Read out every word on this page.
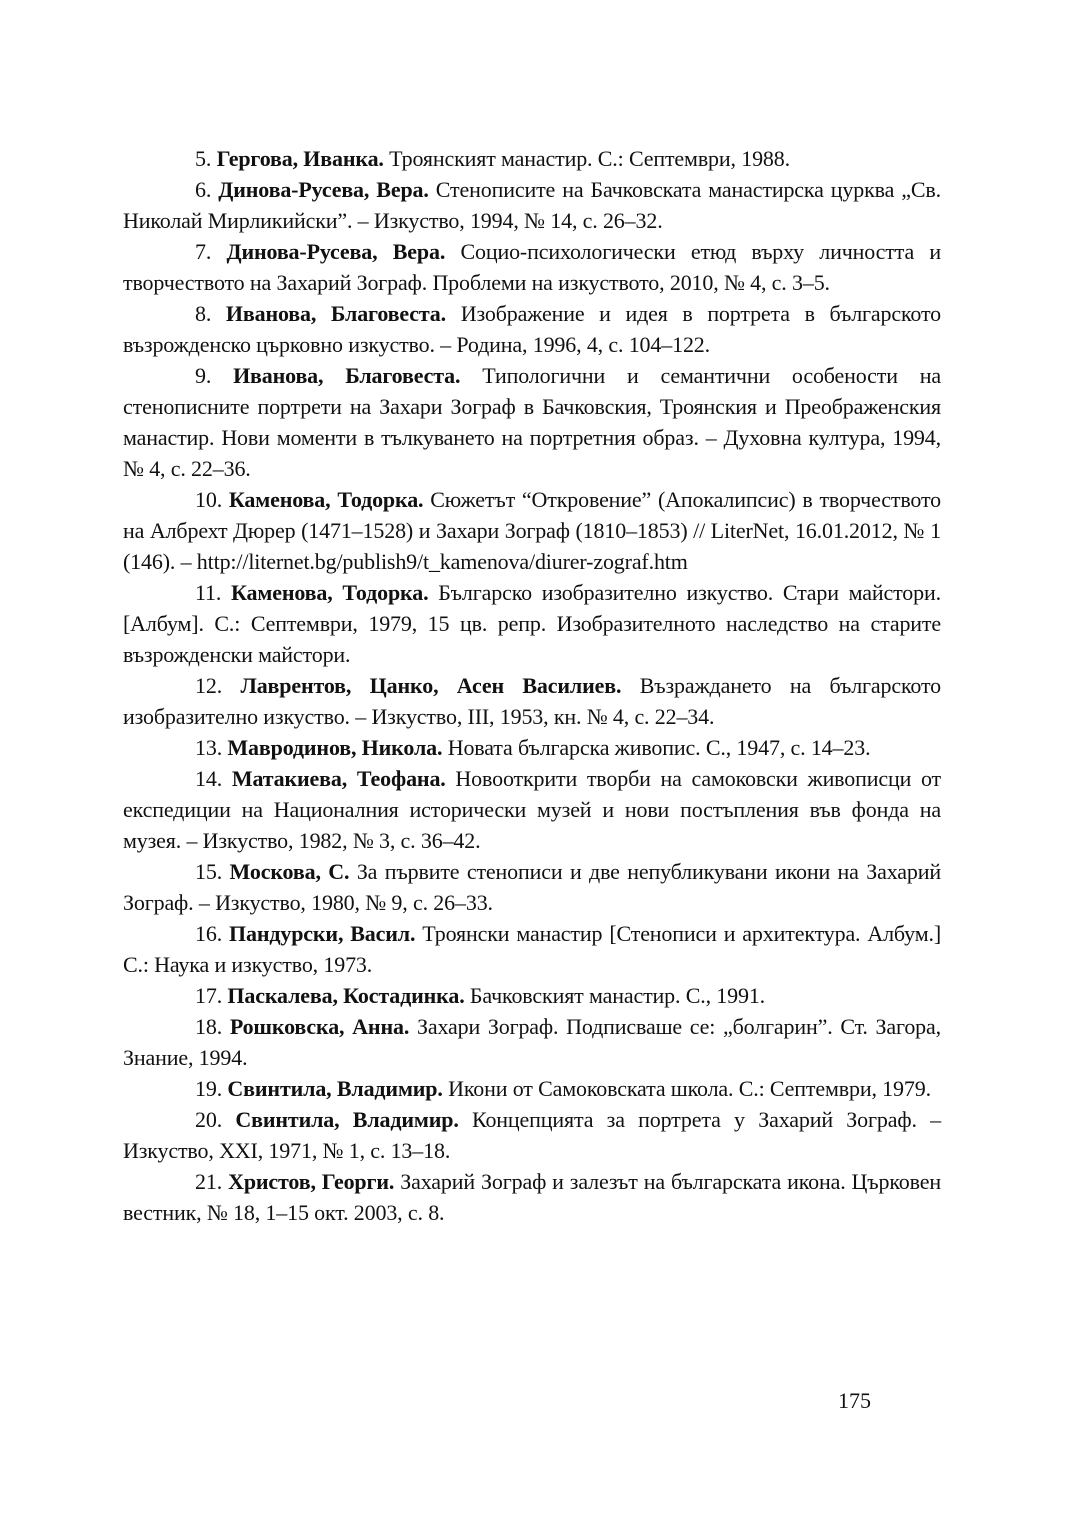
5. Гергова, Иванка. Троянският манастир. С.: Септември, 1988.

6. Динова-Русева, Вера. Стенописите на Бачковската манастирска цурква „Св. Николай Мирликийски”. – Изкуство, 1994, № 14, с. 26–32.

7. Динова-Русева, Вера. Социо-психологически етюд върху личността и творчеството на Захарий Зограф. Проблеми на изкуството, 2010, № 4, с. 3–5.

8. Иванова, Благовеста. Изображение и идея в портрета в българското възрожденско църковно изкуство. – Родина, 1996, 4, с. 104–122.

9. Иванова, Благовеста. Типологични и семантични особености на стенописните портрети на Захари Зограф в Бачковския, Троянския и Преображенския манастир. Нови моменти в тълкуването на портретния образ. – Духовна култура, 1994, № 4, с. 22–36.

10. Каменова, Тодорка. Сюжетът “Откровение” (Апокалипсис) в творчеството на Албрехт Дюрер (1471–1528) и Захари Зограф (1810–1853) // LiterNet, 16.01.2012, № 1 (146). – http://liternet.bg/publish9/t_kamenova/diurer-zograf.htm

11. Каменова, Тодорка. Българско изобразително изкуство. Стари майстори. [Албум]. С.: Септември, 1979, 15 цв. репр. Изобразителното наследство на старите възрожденски майстори.

12. Лаврентов, Цанко, Асен Василиев. Възраждането на българското изобразително изкуство. – Изкуство, III, 1953, кн. № 4, с. 22–34.

13. Мавродинов, Никола. Новата българска живопис. С., 1947, с. 14–23.

14. Матакиева, Теофана. Новооткрити творби на самоковски живописци от експедиции на Националния исторически музей и нови постъпления във фонда на музея. – Изкуство, 1982, № 3, с. 36–42.

15. Москова, С. За първите стенописи и две непубликувани икони на Захарий Зограф. – Изкуство, 1980, № 9, с. 26–33.

16. Пандурски, Васил. Троянски манастир [Стенописи и архитектура. Албум.] С.: Наука и изкуство, 1973.

17. Паскалева, Костадинка. Бачковският манастир. С., 1991.

18. Рошковска, Анна. Захари Зограф. Подписваше се: „болгарин”. Ст. Загора, Знание, 1994.

19. Свинтила, Владимир. Икони от Самоковската школа. С.: Септември, 1979.

20. Свинтила, Владимир. Концепцията за портрета у Захарий Зограф. – Изкуство, XXI, 1971, № 1, с. 13–18.

21. Христов, Георги. Захарий Зограф и залезът на българската икона. Църковен вестник, № 18, 1–15 окт. 2003, с. 8.

175
